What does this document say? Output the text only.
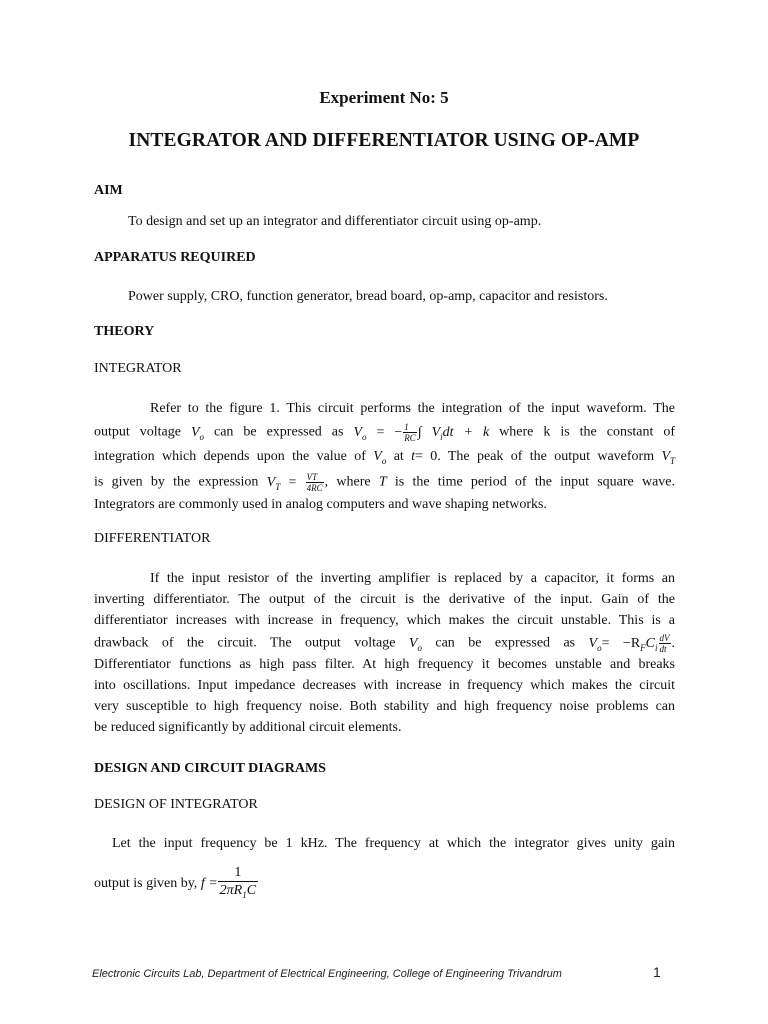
Experiment No: 5
INTEGRATOR AND DIFFERENTIATOR USING OP-AMP
AIM
To design and set up an integrator and differentiator circuit using op-amp.
APPARATUS REQUIRED
Power supply, CRO, function generator, bread board, op-amp, capacitor and resistors.
THEORY
INTEGRATOR
Refer to the figure 1. This circuit performs the integration of the input waveform. The
output voltage $V_o$ can be expressed as $V_o$ = − $\frac{1}{RC}$ ∫ $V_idt + k$ where k is the constant of
integration which depends upon the value of $V_o$ at t= 0. The peak of the output waveform $V_T$
is given by the expression $V_T = \frac{VT}{4RC}$ , where T is the time period of the input square wave.
Integrators are commonly used in analog computers and wave shaping networks.
DIFFERENTIATOR
If the input resistor of the inverting amplifier is replaced by a capacitor, it forms an
inverting differentiator. The output of the circuit is the derivative of the input. Gain of the
differentiator increases with increase in frequency, which makes the circuit unstable. This is a
drawback of the circuit. The output voltage $V_o$ can be expressed as $V_o= -R_FC_i \frac{dV}{dt}$ .
Differentiator functions as high pass filter. At high frequency it becomes unstable and breaks
into oscillations. Input impedance decreases with increase in frequency which makes the circuit
very susceptible to high frequency noise. Both stability and high frequency noise problems can
be reduced significantly by additional circuit elements.
DESIGN AND CIRCUIT DIAGRAMS
DESIGN OF INTEGRATOR
Let the input frequency be 1 kHz. The frequency at which the integrator gives unity gain
output is given by, $f = \frac{1}{2\pi R_1C}$
Electronic Circuits Lab, Department of Electrical Engineering, College of Engineering Trivandrum	1
